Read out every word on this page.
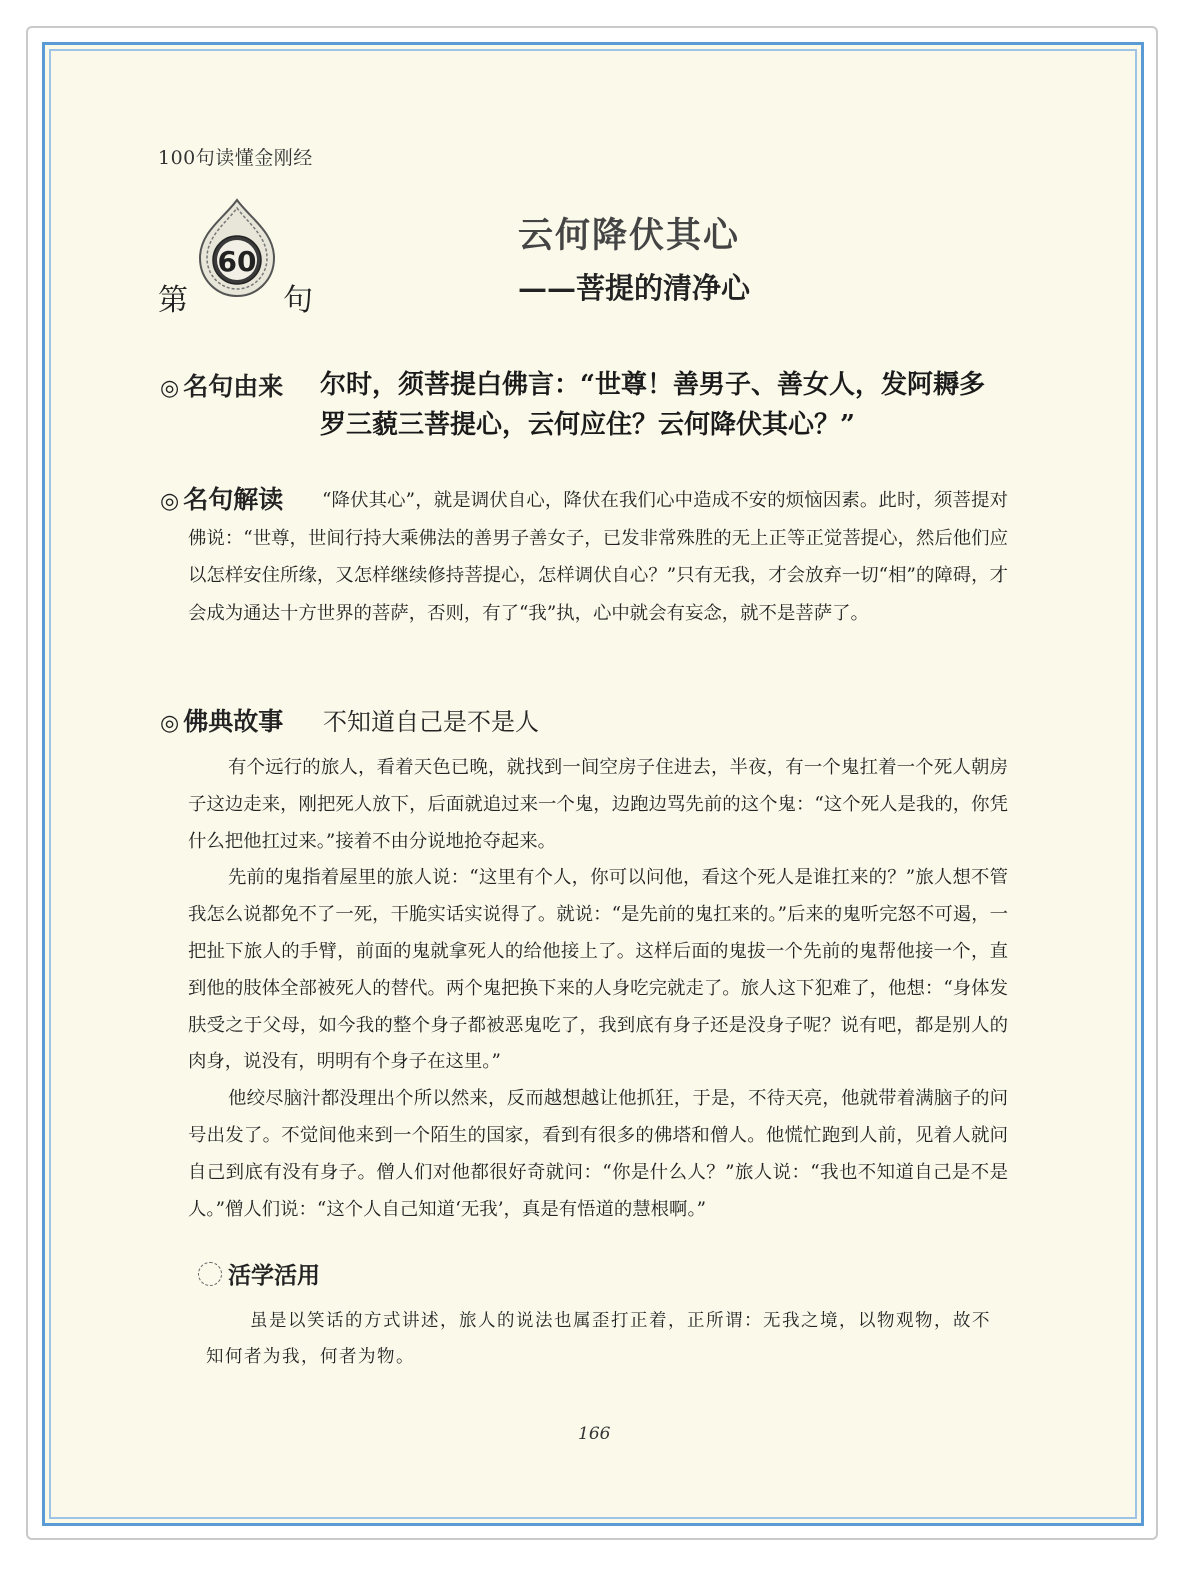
100句读懂金刚经
60
第	句
云何降伏其心
——菩提的清净心
◎ 名句由来 尔时，须菩提白佛言：“世尊！善男子、善女人，发阿耨多罗三藐三菩提心，云何应住？云何降伏其心？”
◎ 名句解读	“降伏其心”，就是调伏自心，降伏在我们心中造成不安的烦恼因素。此时，须菩提对佛说：“世尊，世间行持大乘佛法的善男子善女子，已发非常殊胜的无上正等正觉菩提心，然后他们应以怎样安住所缘，又怎样继续修持菩提心，怎样调伏自心？”只有无我，才会放弃一切“相”的障碍，才会成为通达十方世界的菩萨，否则，有了“我”执，心中就会有妄念，就不是菩萨了。
◎ 佛典故事 不知道自己是不是人

有个远行的旅人，看着天色已晚，就找到一间空房子住进去，半夜，有一个鬼扛着一个死人朝房子这边走来，刚把死人放下，后面就追过来一个鬼，边跑边骂先前的这个鬼：“这个死人是我的，你凭什么把他扛过来。”接着不由分说地抢夺起来。

先前的鬼指着屋里的旅人说：“这里有个人，你可以问他，看这个死人是谁扛来的？”旅人想不管我怎么说都免不了一死，干脆实话实说得了。就说：“是先前的鬼扛来的。”后来的鬼听完怒不可遏，一把扯下旅人的手臂，前面的鬼就拿死人的给他接上了。这样后面的鬼拔一个先前的鬼帮他接一个，直到他的肢体全部被死人的替代。两个鬼把换下来的人身吃完就走了。旅人这下犯难了，他想：“身体发肤受之于父母，如今我的整个身子都被恶鬼吃了，我到底有身子还是没身子呢？说有吧，都是别人的肉身，说没有，明明有个身子在这里。”

他绞尽脑汁都没理出个所以然来，反而越想越让他抓狂，于是，不待天亮，他就带着满脑子的问号出发了。不觉间他来到一个陌生的国家，看到有很多的佛塔和僧人。他慌忙跑到人前，见着人就问自己到底有没有身子。僧人们对他都很好奇就问：“你是什么人？”旅人说：“我也不知道自己是不是人。”僧人们说：“这个人自己知道‘无我’，真是有悟道的慧根啊。”

活学活用
虽是以笑话的方式讲述，旅人的说法也属歪打正着，正所谓：无我之境，以物观物，故不知何者为我，何者为物。
166
